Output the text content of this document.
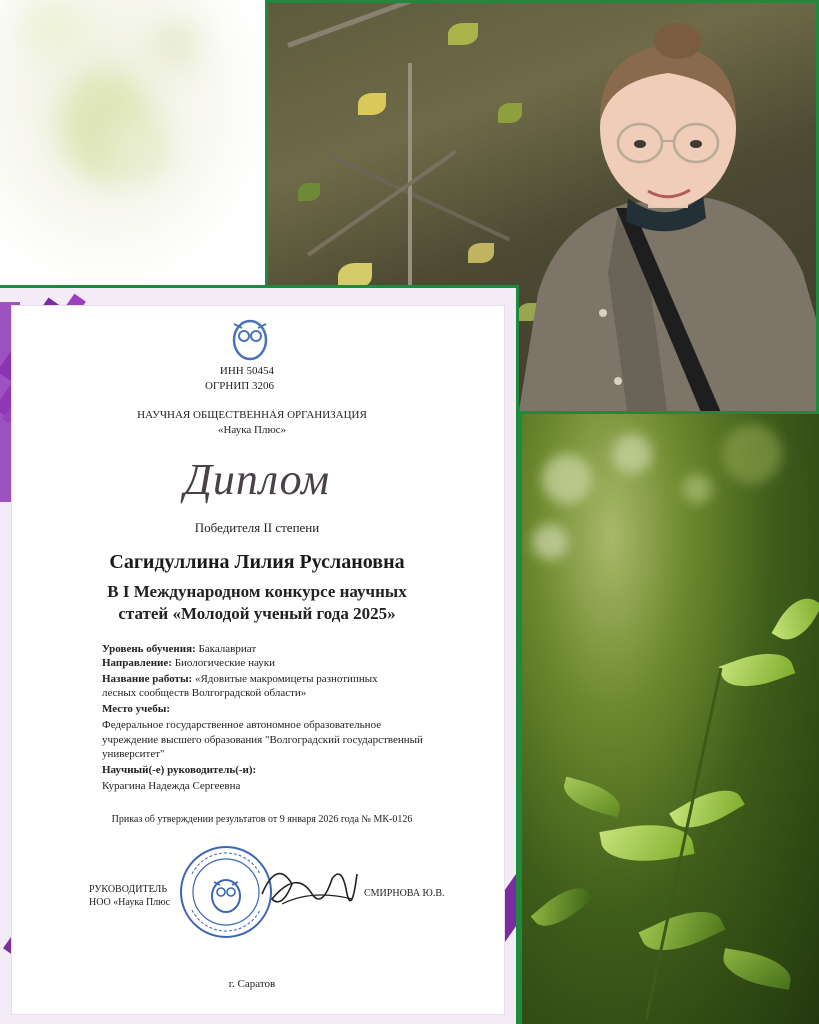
ИНН 50454
ОГРНИП 3206
НАУЧНАЯ ОБЩЕСТВЕННАЯ ОРГАНИЗАЦИЯ
«Наука Плюс»
Диплом
Победителя II степени
Сагидуллина Лилия Руслановна
В I Международном конкурсе научных
статей «Молодой ученый года 2025»
Уровень обучения: Бакалавриат
Направление: Биологические науки
Название работы: «Ядовитые макромицеты разнотипных
лесных сообществ Волгоградской области»
Место учебы:
Федеральное государственное автономное образовательное
учреждение высшего образования "Волгоградский государственный
университет"
Научный(-е) руководитель(-и):
Курагина Надежда Сергеевна
Приказ об утверждении результатов от 9 января 2026 года № МК-0126
РУКОВОДИТЕЛЬ
НОО «Наука Плюс
СМИРНОВА Ю.В.
г. Саратов
